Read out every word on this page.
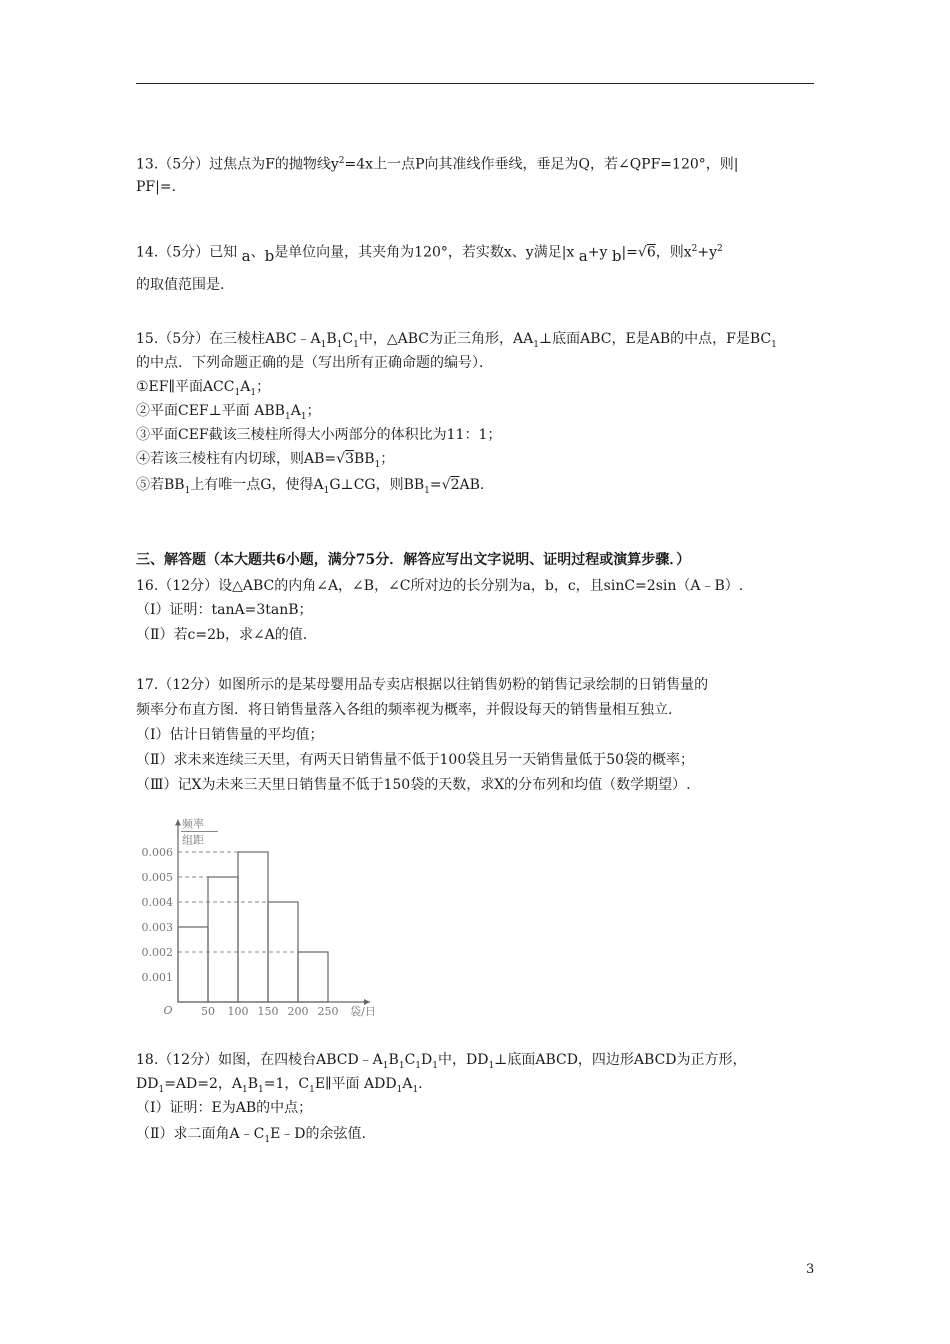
13.（5分）过焦点为F的抛物线$y^2=4x$上一点P向其准线作垂线，垂足为Q，若∠QPF=120°，则|
PF|=.
14.（5分）已知 a、b是单位向量，其夹角为120°，若实数x、y满足|x a+y b|=√6，则$x^2+y^2$
的取值范围是.
15.（5分）在三棱柱$ABC﹣A_1B_1C_1$中，△ABC为正三角形，$AA_1\perp$底面ABC，E是AB的中点，F是$BC_1$
的中点．下列命题正确的是（写出所有正确命题的编号）．
①EF∥平面$ACC_1A_1$；
②平面CEF⊥平面 $ABB_1A_1$；
③平面CEF截该三棱柱所得大小两部分的体积比为11：1；
④若该三棱柱有内切球，则$AB=√3BB_1$；
⑤若$BB_1$上有唯一点G，使得$A_1G\perp CG$，则$BB_1=√2AB$.
三、解答题（本大题共6小题，满分75分．解答应写出文字说明、证明过程或演算步骤．）
16.（12分）设△ABC的内角∠A，∠B，∠C所对边的长分别为a，b，c，且sinC=2sin（A﹣B）.
（Ⅰ）证明：tanA=3tanB；
（Ⅱ）若c=2b，求∠A的值.
17.（12分）如图所示的是某母婴用品专卖店根据以往销售奶粉的销售记录绘制的日销售量的
频率分布直方图．将日销售量落入各组的频率视为概率，并假设每天的销售量相互独立.
（Ⅰ）估计日销售量的平均值；
（Ⅱ）求未来连续三天里，有两天日销售量不低于100袋且另一天销售量低于50袋的概率；
（Ⅲ）记X为未来三天里日销售量不低于150袋的天数，求X的分布列和均值（数学期望）.
频率
组距
0.001
0.002
0.003
0.004
0.005
0.006
50 100 150 200 250 袋/日
O
18.（12分）如图，在四棱台$ABCD﹣A_1B_1C_1D_1$中，$DD_1\perp$底面ABCD，四边形ABCD为正方形，
$DD_1=AD=2$，$A_1B_1=1$，$C_1E\parallel$平面 $ADD_1A_1$.
（Ⅰ）证明：E为AB的中点；
（Ⅱ）求二面角$A﹣C_1E﹣D$的余弦值.
3
